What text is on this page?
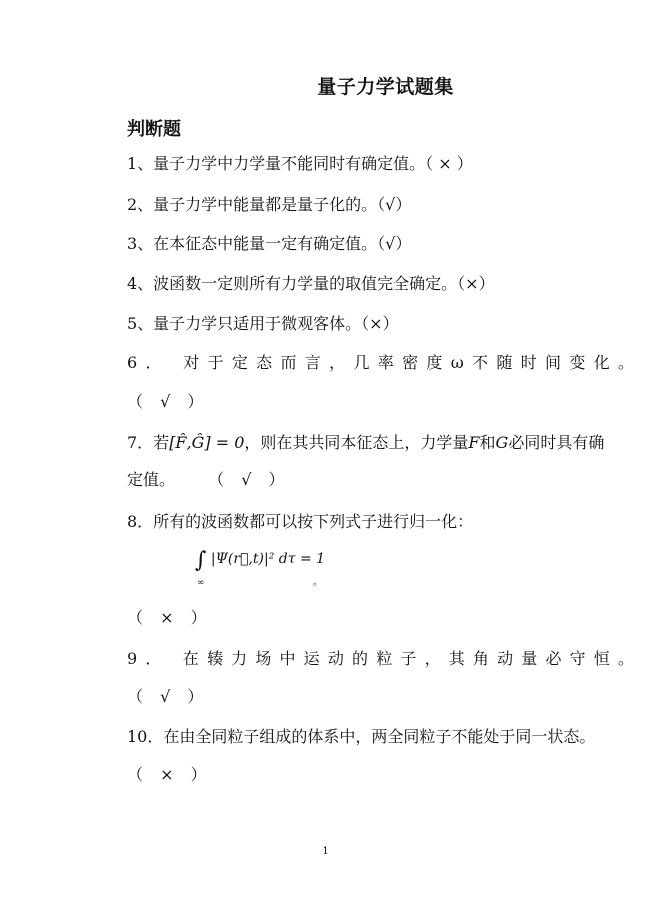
量子力学试题集
判断题
1、量子力学中力学量不能同时有确定值。（ × ）
2、量子力学中能量都是量子化的。（√）
3、在本征态中能量一定有确定值。（√）
4、波函数一定则所有力学量的取值完全确定。（×）
5、量子力学只适用于微观客体。（×）
6． 对于定态而言，几率密度ω不随时间变化。
（ √ ）
7．若[F̂,Ĝ] = 0，则在其共同本征态上，力学量F和G必同时具有确
定值。 （ √ ）
8．所有的波函数都可以按下列式子进行归一化：
∫ |Ψ(r⃗,t)|² dτ = 1
∞	。
（ × ）
9． 在辏力场中运动的粒子，其角动量必守恒。
（ √ ）
10．在由全同粒子组成的体系中，两全同粒子不能处于同一状态。
（ × ）
1
